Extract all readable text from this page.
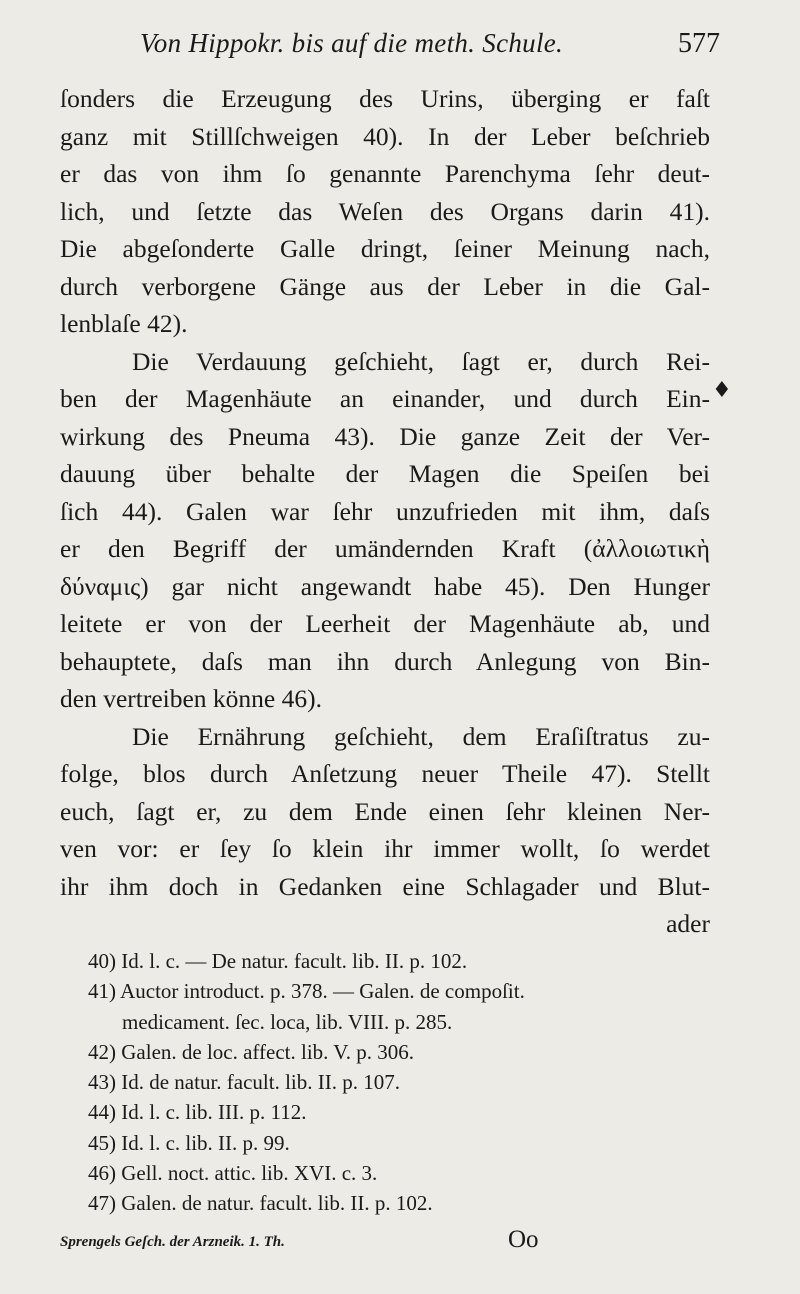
Von Hippokr. bis auf die meth. Schule.	577
ſonders die Erzeugung des Urins, überging er faſt
ganz mit Stillſchweigen 40). In der Leber beſchrieb
er das von ihm ſo genannte Parenchyma ſehr deut-
lich, und ſetzte das Weſen des Organs darin 41).
Die abgeſonderte Galle dringt, ſeiner Meinung nach,
durch verborgene Gänge aus der Leber in die Gal-
lenblaſe 42).
Die Verdauung geſchieht, ſagt er, durch Rei-
ben der Magenhäute an einander, und durch Ein-
wirkung des Pneuma 43). Die ganze Zeit der Ver-
dauung über behalte der Magen die Speiſen bei
ſich 44). Galen war ſehr unzufrieden mit ihm, daſs
er den Begriff der umändernden Kraft (ἀλλοιωτικὴ
δύναμις) gar nicht angewandt habe 45). Den Hunger
leitete er von der Leerheit der Magenhäute ab, und
behauptete, daſs man ihn durch Anlegung von Bin-
den vertreiben könne 46).
Die Ernährung geſchieht, dem Eraſiſtratus zu-
folge, blos durch Anſetzung neuer Theile 47). Stellt
euch, ſagt er, zu dem Ende einen ſehr kleinen Ner-
ven vor: er ſey ſo klein ihr immer wollt, ſo werdet
ihr ihm doch in Gedanken eine Schlagader und Blut-
ader
♦
40) Id. l. c. — De natur. facult. lib. II. p. 102.
41) Auctor introduct. p. 378. — Galen. de compoſit.
medicament. ſec. loca, lib. VIII. p. 285.
42) Galen. de loc. affect. lib. V. p. 306.
43) Id. de natur. facult. lib. II. p. 107.
44) Id. l. c. lib. III. p. 112.
45) Id. l. c. lib. II. p. 99.
46) Gell. noct. attic. lib. XVI. c. 3.
47) Galen. de natur. facult. lib. II. p. 102.
Sprengels Geſch. der Arzneik. 1. Th.	Oo
